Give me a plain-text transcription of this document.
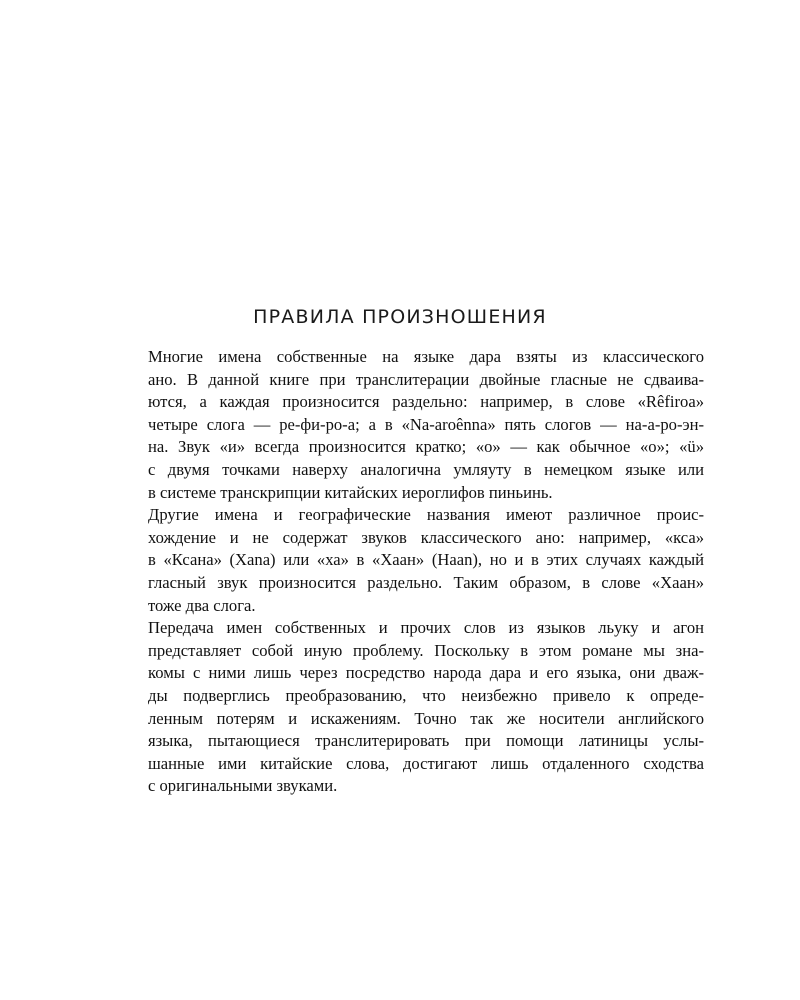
ПРАВИЛА ПРОИЗНОШЕНИЯ

Многие имена собственные на языке дара взяты из классического
ано. В данной книге при транслитерации двойные гласные не сдваива-
ются, а каждая произносится раздельно: например, в слове «Rêfiroa»
четыре слога — ре-фи-ро-а; а в «Na-aroênna» пять слогов — на-а-ро-эн-
на. Звук «и» всегда произносится кратко; «о» — как обычное «о»; «ü»
с двумя точками наверху аналогична умляуту в немецком языке или
в системе транскрипции китайских иероглифов пиньинь.

Другие имена и географические названия имеют различное проис-
хождение и не содержат звуков классического ано: например, «кса»
в «Ксана» (Xana) или «ха» в «Хаан» (Haan), но и в этих случаях каждый
гласный звук произносится раздельно. Таким образом, в слове «Хаан»
тоже два слога.

Передача имен собственных и прочих слов из языков льуку и агон
представляет собой иную проблему. Поскольку в этом романе мы зна-
комы с ними лишь через посредство народа дара и его языка, они дваж-
ды подверглись преобразованию, что неизбежно привело к опреде-
ленным потерям и искажениям. Точно так же носители английского
языка, пытающиеся транслитерировать при помощи латиницы услы-
шанные ими китайские слова, достигают лишь отдаленного сходства
с оригинальными звуками.
